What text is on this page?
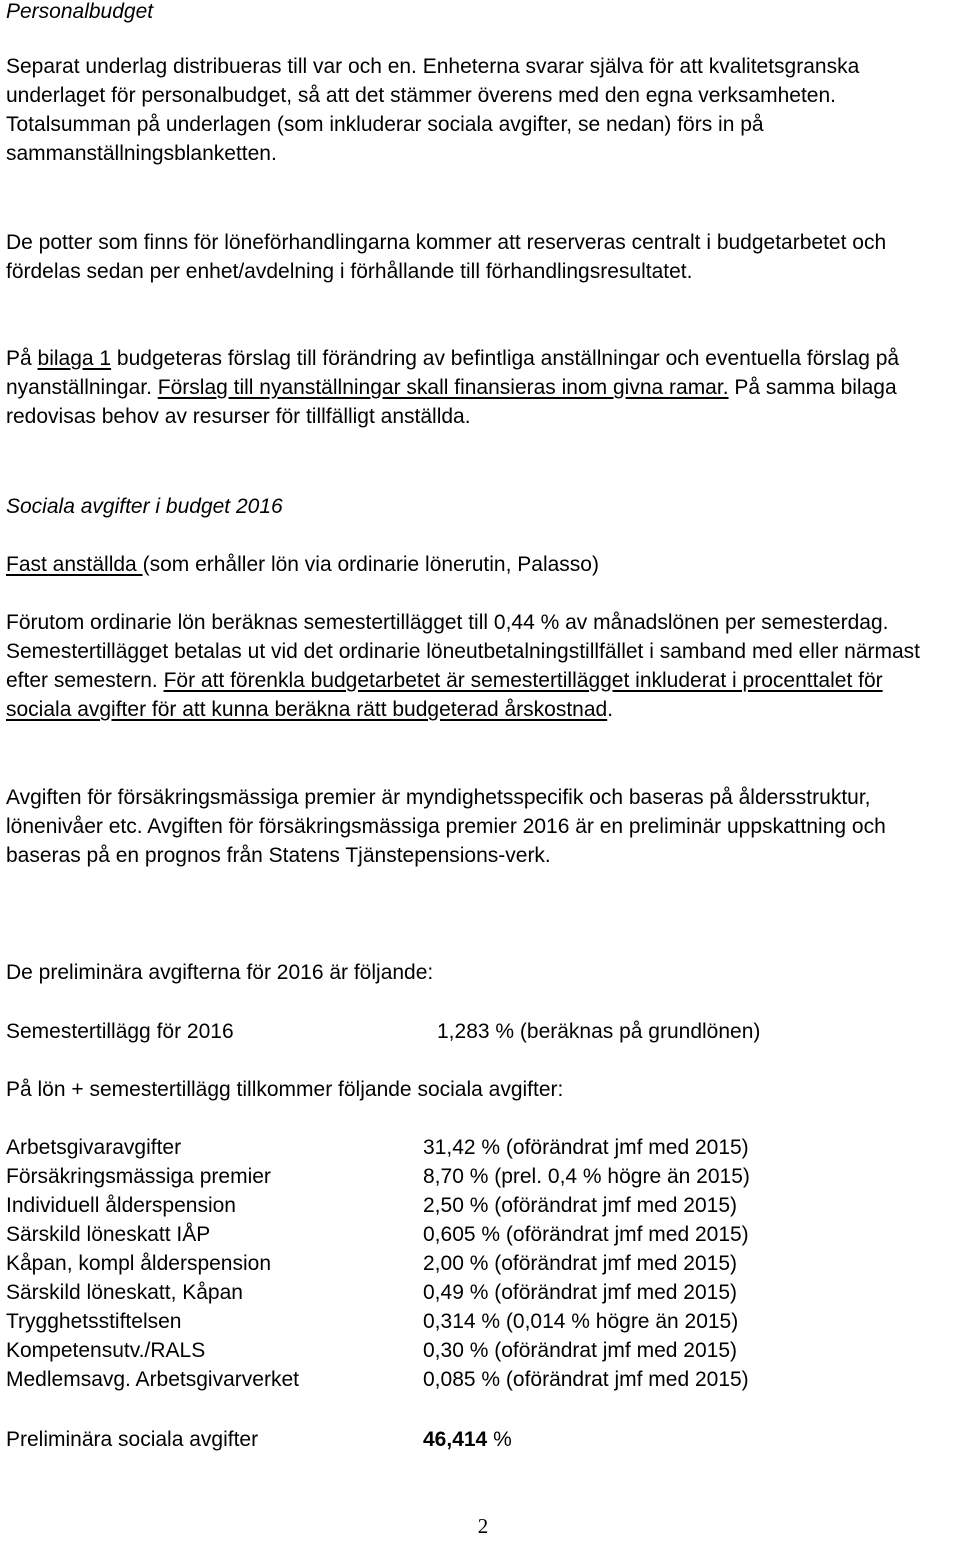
Personalbudget

Separat underlag distribueras till var och en. Enheterna svarar själva för att kvalitetsgranska underlaget för personalbudget, så att det stämmer överens med den egna verksamheten.
Totalsumman på underlagen (som inkluderar sociala avgifter, se nedan) förs in på sammanställningsblanketten.

De potter som finns för löneförhandlingarna kommer att reserveras centralt i budgetarbetet och fördelas sedan per enhet/avdelning i förhållande till förhandlingsresultatet.

På bilaga 1 budgeteras förslag till förändring av befintliga anställningar och eventuella förslag på nyanställningar. Förslag till nyanställningar skall finansieras inom givna ramar. På samma bilaga redovisas behov av resurser för tillfälligt anställda.

Sociala avgifter i budget 2016

Fast anställda (som erhåller lön via ordinarie lönerutin, Palasso)

Förutom ordinarie lön beräknas semestertillägget till 0,44 % av månadslönen per semesterdag. Semestertillägget betalas ut vid det ordinarie löneutbetalningstillfället i samband med eller närmast efter semestern. För att förenkla budgetarbetet är semestertillägget inkluderat i procenttalet för sociala avgifter för att kunna beräkna rätt budgeterad årskostnad.

Avgiften för försäkringsmässiga premier är myndighetsspecifik och baseras på åldersstruktur, lönenivåer etc. Avgiften för försäkringsmässiga premier 2016 är en preliminär uppskattning och baseras på en prognos från Statens Tjänstepensions-verk.

De preliminära avgifterna för 2016 är följande:

Semestertillägg för 2016	1,283 % (beräknas på grundlönen)

På lön + semestertillägg tillkommer följande sociala avgifter:

Arbetsgivaravgifter	31,42 % (oförändrat jmf med 2015)
Försäkringsmässiga premier	8,70 % (prel. 0,4 % högre än 2015)
Individuell ålderspension	2,50 % (oförändrat jmf med 2015)
Särskild löneskatt IÅP	0,605 % (oförändrat jmf med 2015)
Kåpan, kompl ålderspension	2,00 % (oförändrat jmf med 2015)
Särskild löneskatt, Kåpan	0,49 % (oförändrat jmf med 2015)
Trygghetsstiftelsen	0,314 % (0,014 % högre än 2015)
Kompetensutv./RALS	0,30 % (oförändrat jmf med 2015)
Medlemsavg. Arbetsgivarverket	0,085 % (oförändrat jmf med 2015)
Preliminära sociala avgifter	46,414 %
2
